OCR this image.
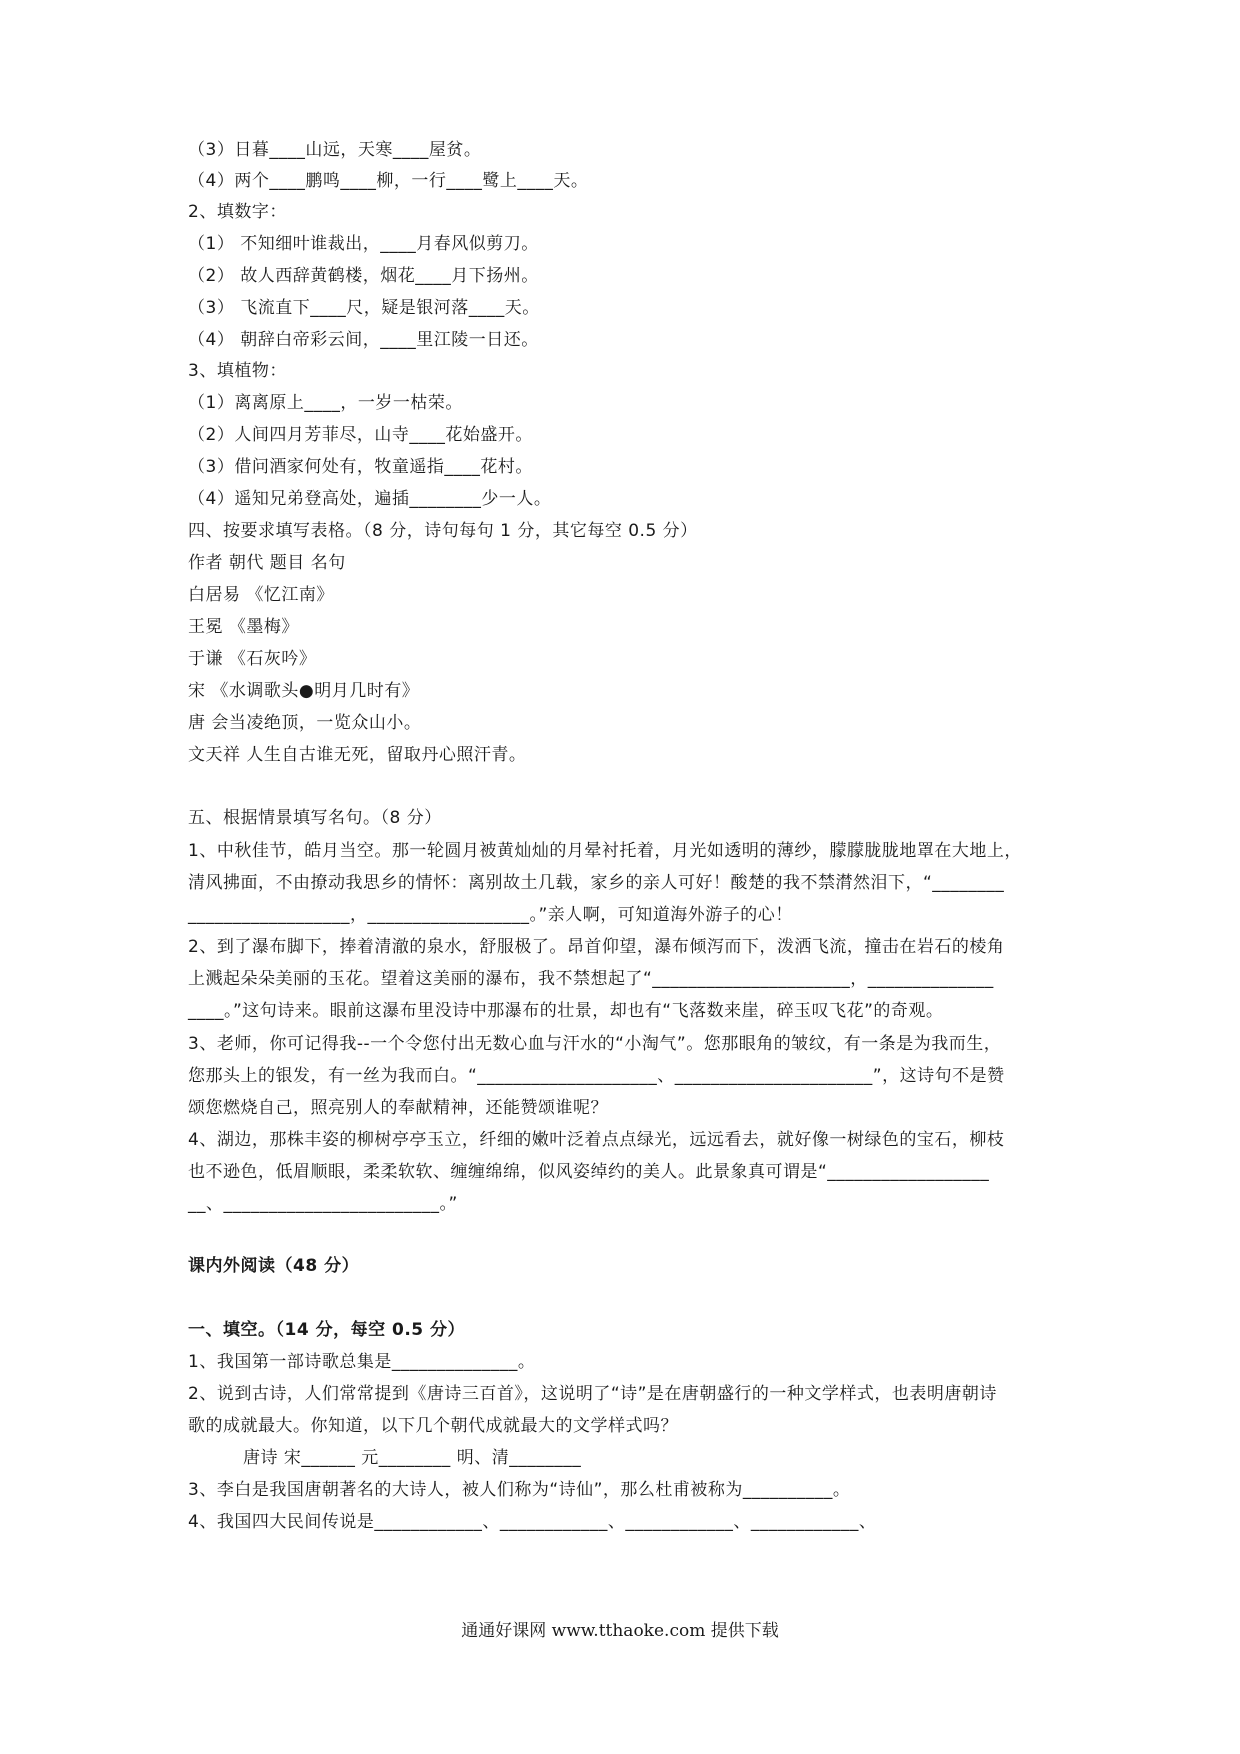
（3）日暮____山远，天寒____屋贫。
（4）两个____鹏鸣____柳，一行____鹭上____天。
2、填数字：
（1） 不知细叶谁裁出，____月春风似剪刀。
（2） 故人西辞黄鹤楼，烟花____月下扬州。
（3） 飞流直下____尺，疑是银河落____天。
（4） 朝辞白帝彩云间，____里江陵一日还。
3、填植物：
（1）离离原上____，一岁一枯荣。
（2）人间四月芳菲尽，山寺____花始盛开。
（3）借问酒家何处有，牧童遥指____花村。
（4）遥知兄弟登高处，遍插________少一人。
四、按要求填写表格。（8 分，诗句每句 1 分，其它每空 0.5 分）
作者 朝代 题目 名句
白居易 《忆江南》
王冕 《墨梅》
于谦 《石灰吟》
宋 《水调歌头●明月几时有》
唐 会当凌绝顶，一览众山小。
文天祥 人生自古谁无死，留取丹心照汗青。
五、根据情景填写名句。（8 分）
1、中秋佳节，皓月当空。那一轮圆月被黄灿灿的月晕衬托着，月光如透明的薄纱，朦朦胧胧地罩在大地上，
清风拂面，不由撩动我思乡的情怀：离别故土几载，家乡的亲人可好！酸楚的我不禁潸然泪下，“________
__________________，__________________。”亲人啊，可知道海外游子的心！
2、到了瀑布脚下，捧着清澈的泉水，舒服极了。昂首仰望，瀑布倾泻而下，泼洒飞流，撞击在岩石的棱角
上溅起朵朵美丽的玉花。望着这美丽的瀑布，我不禁想起了“______________________，______________
____。”这句诗来。眼前这瀑布里没诗中那瀑布的壮景，却也有“飞落数来崖，碎玉叹飞花”的奇观。
3、老师，你可记得我--一个令您付出无数心血与汗水的“小淘气”。您那眼角的皱纹，有一条是为我而生，
您那头上的银发，有一丝为我而白。“____________________、______________________”，这诗句不是赞
颂您燃烧自己，照亮别人的奉献精神，还能赞颂谁呢？
4、湖边，那株丰姿的柳树亭亭玉立，纤细的嫩叶泛着点点绿光，远远看去，就好像一树绿色的宝石，柳枝
也不逊色，低眉顺眼，柔柔软软、缠缠绵绵，似风姿绰约的美人。此景象真可谓是“__________________
__、________________________。”
课内外阅读（48 分）
一、填空。（14 分，每空 0.5 分）
1、我国第一部诗歌总集是______________。
2、说到古诗，人们常常提到《唐诗三百首》，这说明了“诗”是在唐朝盛行的一种文学样式，也表明唐朝诗
歌的成就最大。你知道，以下几个朝代成就最大的文学样式吗？
唐诗 宋______ 元________ 明、清________
3、李白是我国唐朝著名的大诗人，被人们称为“诗仙”，那么杜甫被称为__________。
4、我国四大民间传说是____________、____________、____________、____________、
通通好课网 www.tthaoke.com 提供下载
